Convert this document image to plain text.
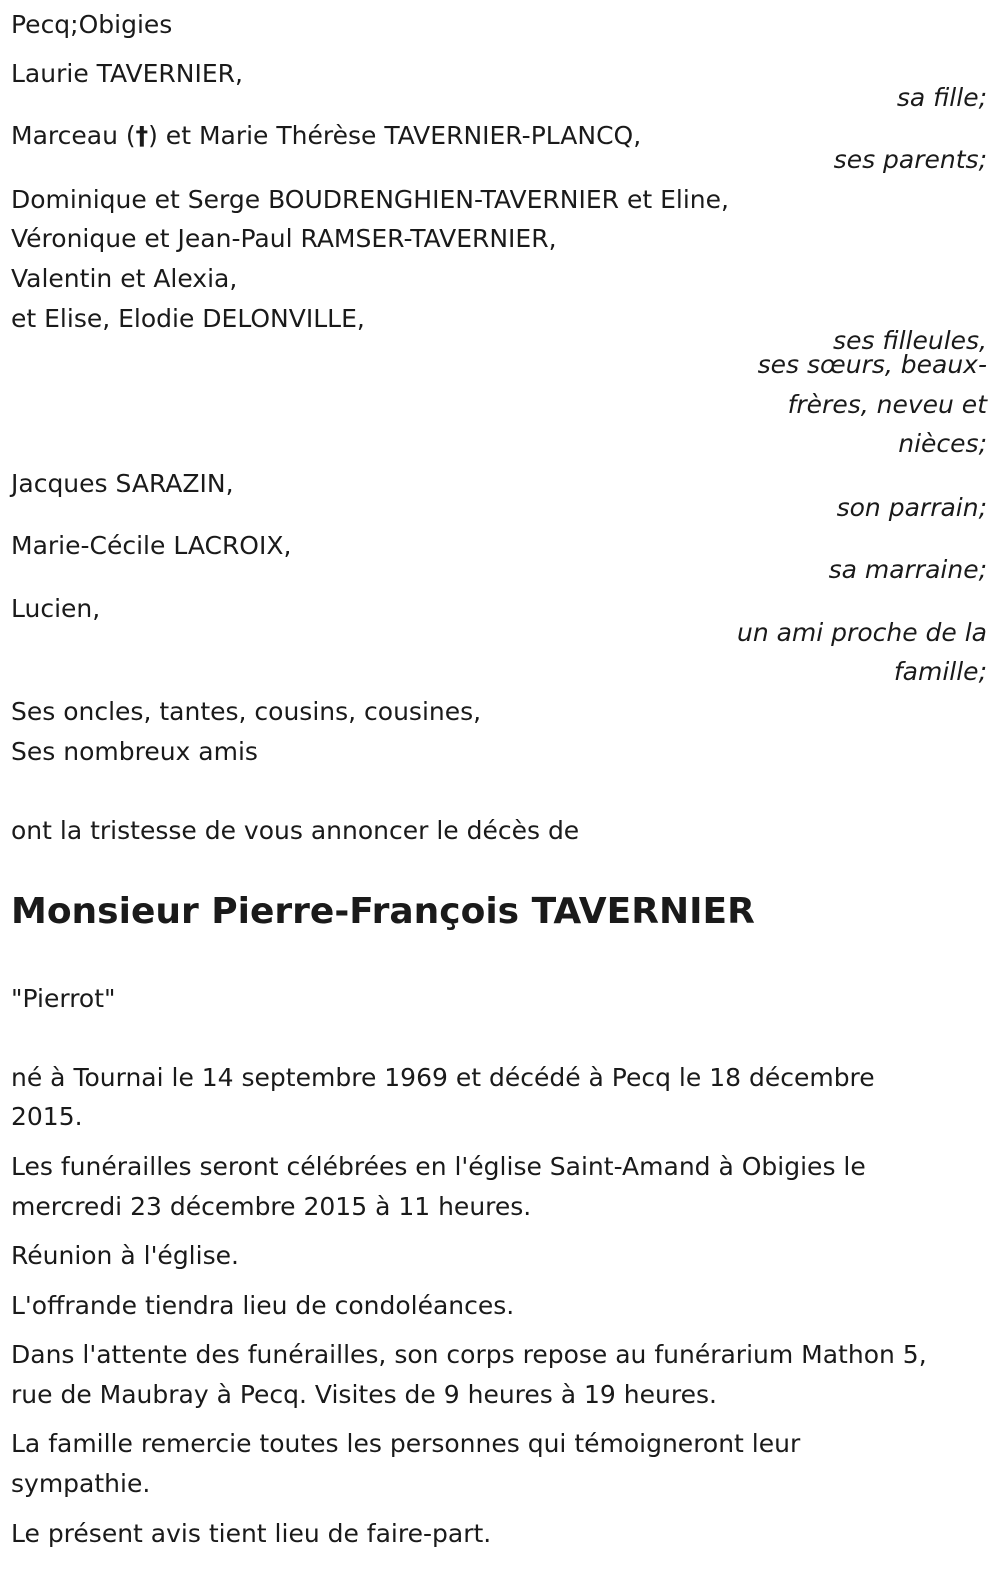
Pecq;Obigies
Laurie TAVERNIER,
sa fille;
Marceau (†) et Marie Thérèse TAVERNIER-PLANCQ,
ses parents;
Dominique et Serge BOUDRENGHIEN-TAVERNIER et Eline,
Véronique et Jean-Paul RAMSER-TAVERNIER,
Valentin et Alexia,
et Elise, Elodie DELONVILLE,
ses filleules,
ses sœurs, beaux-
frères, neveu et
nièces;
Jacques SARAZIN,
son parrain;
Marie-Cécile LACROIX,
sa marraine;
Lucien,
un ami proche de la
famille;
Ses oncles, tantes, cousins, cousines,
Ses nombreux amis
ont la tristesse de vous annoncer le décès de
Monsieur Pierre-François TAVERNIER
"Pierrot"
né à Tournai le 14 septembre 1969 et décédé à Pecq le 18 décembre
2015.
Les funérailles seront célébrées en l'église Saint-Amand à Obigies le
mercredi 23 décembre 2015 à 11 heures.
Réunion à l'église.
L'offrande tiendra lieu de condoléances.
Dans l'attente des funérailles, son corps repose au funérarium Mathon 5,
rue de Maubray à Pecq. Visites de 9 heures à 19 heures.
La famille remercie toutes les personnes qui témoigneront leur
sympathie.
Le présent avis tient lieu de faire-part.
